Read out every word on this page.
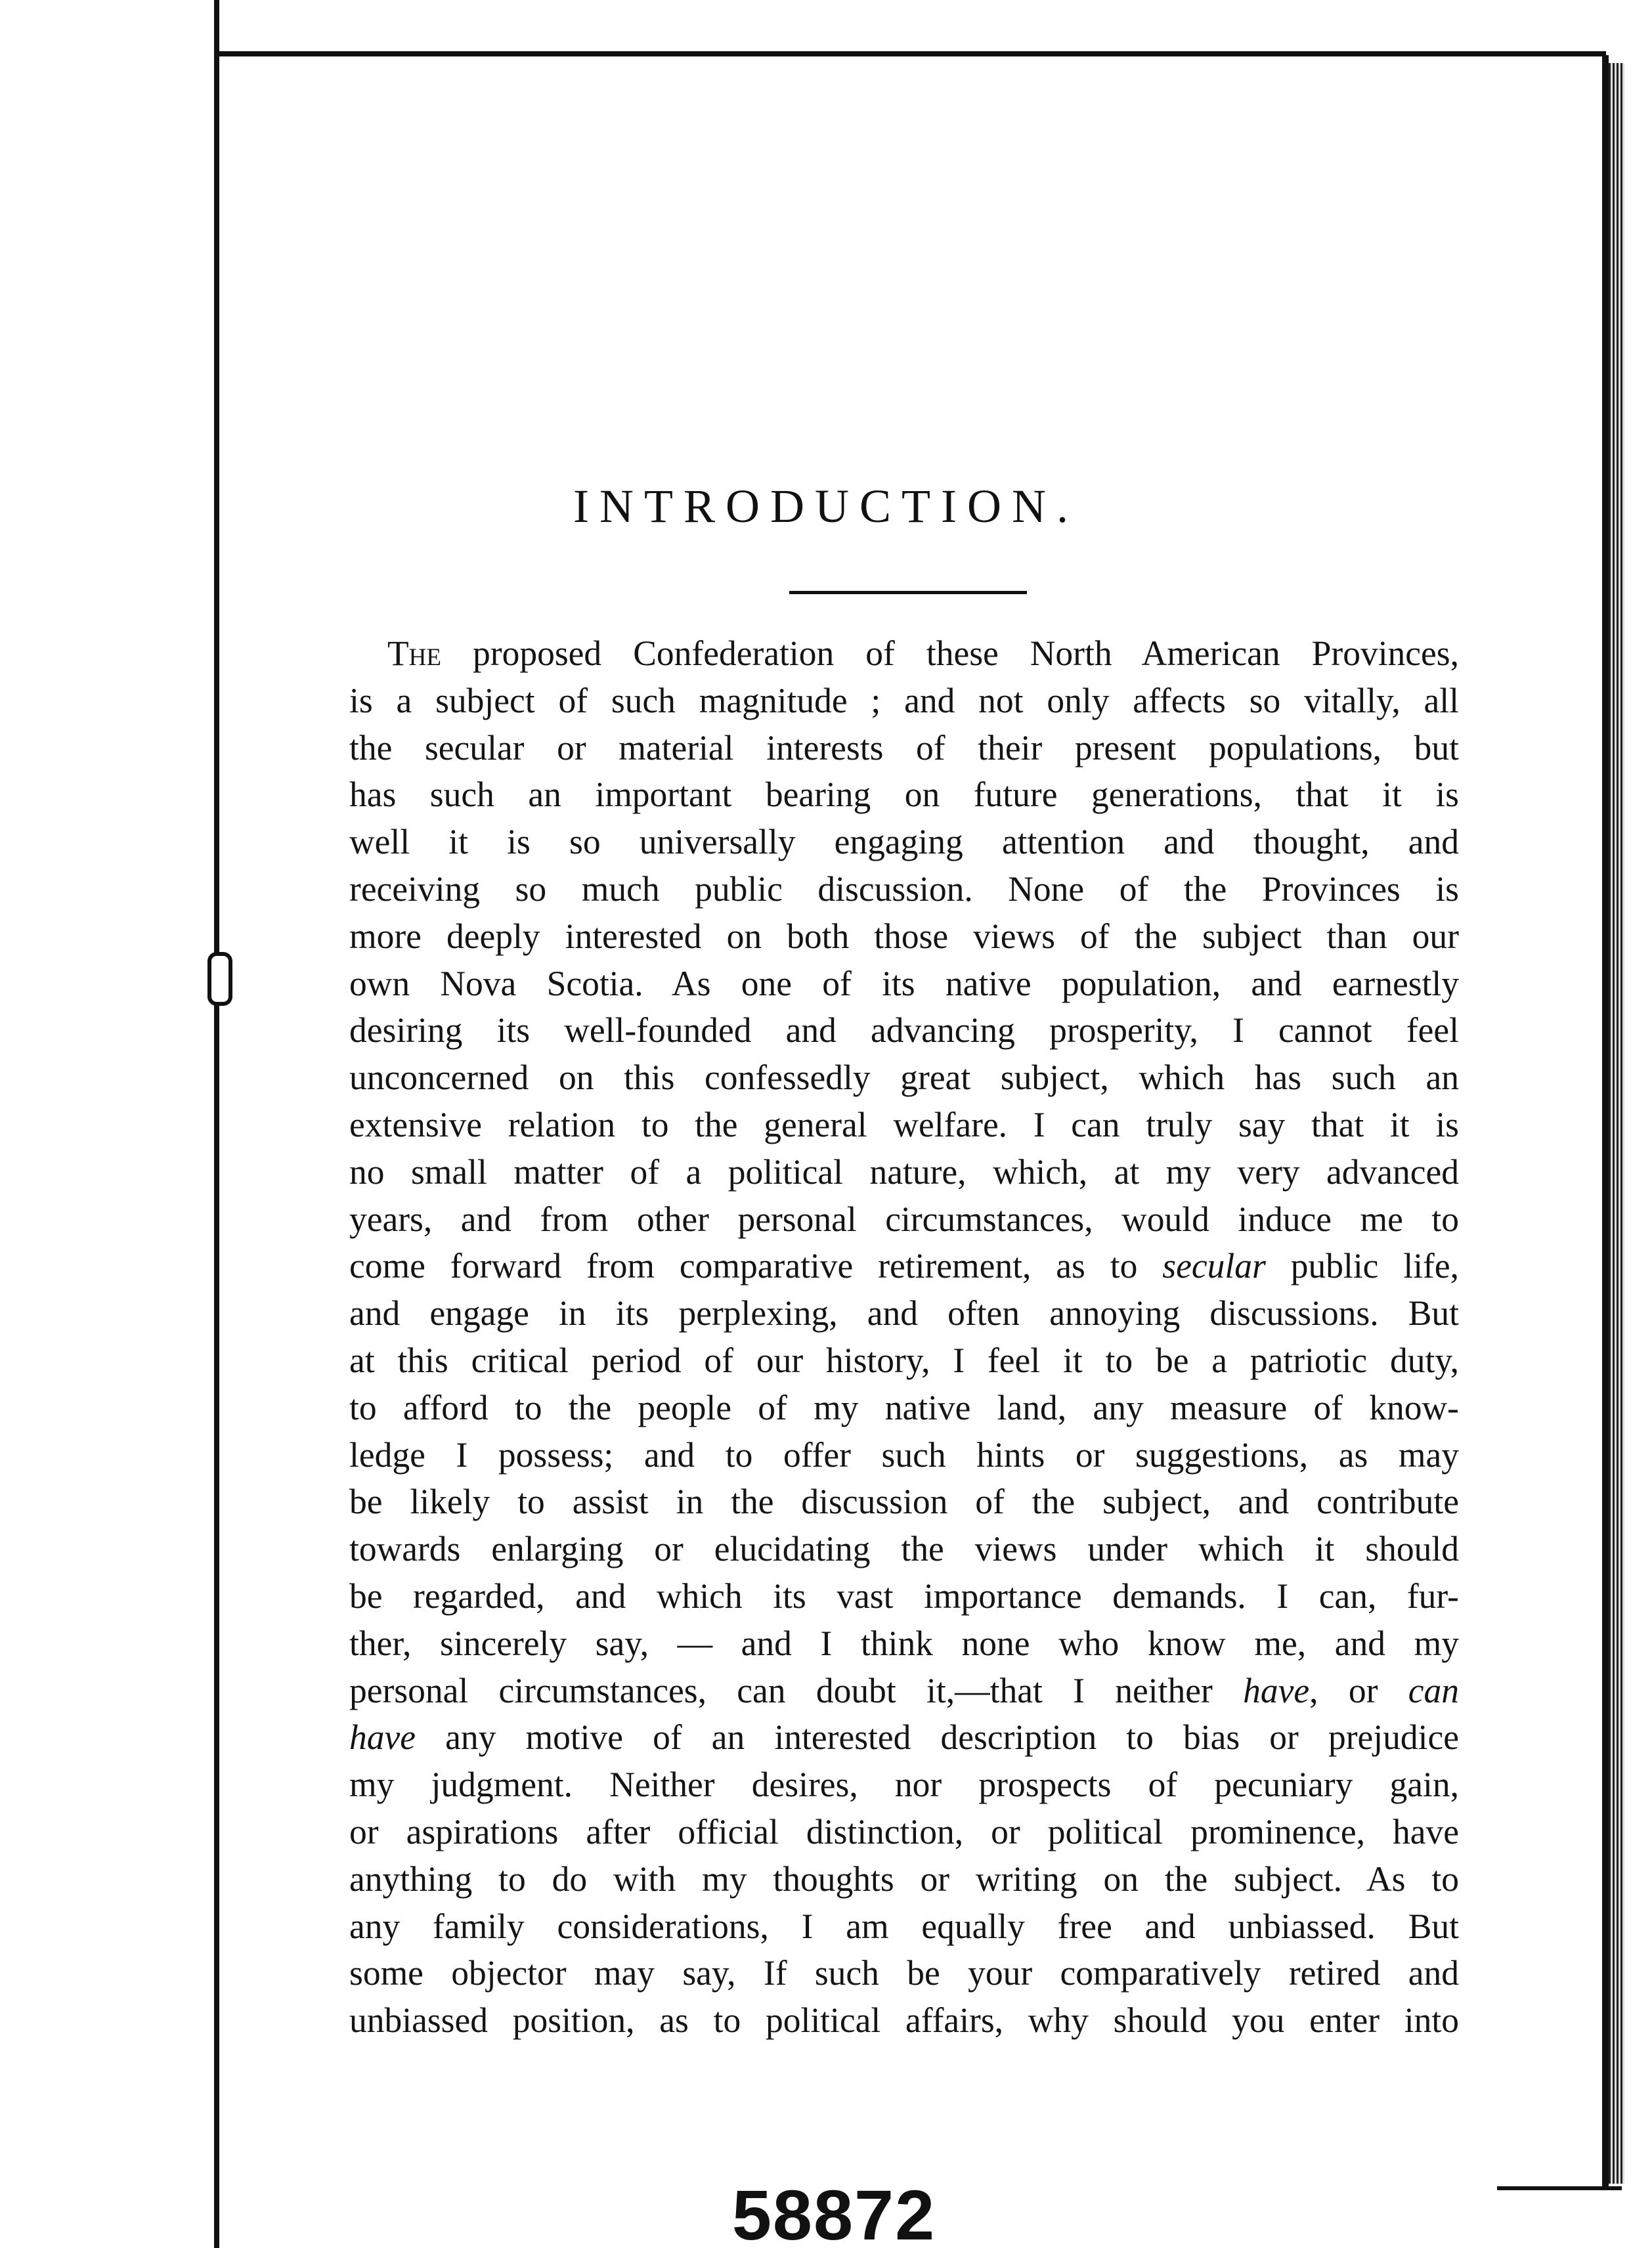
INTRODUCTION.
The proposed Confederation of these North American Provinces,
is a subject of such magnitude ; and not only affects so vitally, all
the secular or material interests of their present populations, but
has such an important bearing on future generations, that it is
well it is so universally engaging attention and thought, and
receiving so much public discussion. None of the Provinces is
more deeply interested on both those views of the subject than our
own Nova Scotia. As one of its native population, and earnestly
desiring its well-founded and advancing prosperity, I cannot feel
unconcerned on this confessedly great subject, which has such an
extensive relation to the general welfare. I can truly say that it is
no small matter of a political nature, which, at my very advanced
years, and from other personal circumstances, would induce me to
come forward from comparative retirement, as to secular public life,
and engage in its perplexing, and often annoying discussions. But
at this critical period of our history, I feel it to be a patriotic duty,
to afford to the people of my native land, any measure of know-
ledge I possess; and to offer such hints or suggestions, as may
be likely to assist in the discussion of the subject, and contribute
towards enlarging or elucidating the views under which it should
be regarded, and which its vast importance demands. I can, fur-
ther, sincerely say, — and I think none who know me, and my
personal circumstances, can doubt it,—that I neither have, or can
have any motive of an interested description to bias or prejudice
my judgment. Neither desires, nor prospects of pecuniary gain,
or aspirations after official distinction, or political prominence, have
anything to do with my thoughts or writing on the subject. As to
any family considerations, I am equally free and unbiassed. But
some objector may say, If such be your comparatively retired and
unbiassed position, as to political affairs, why should you enter into
58872
